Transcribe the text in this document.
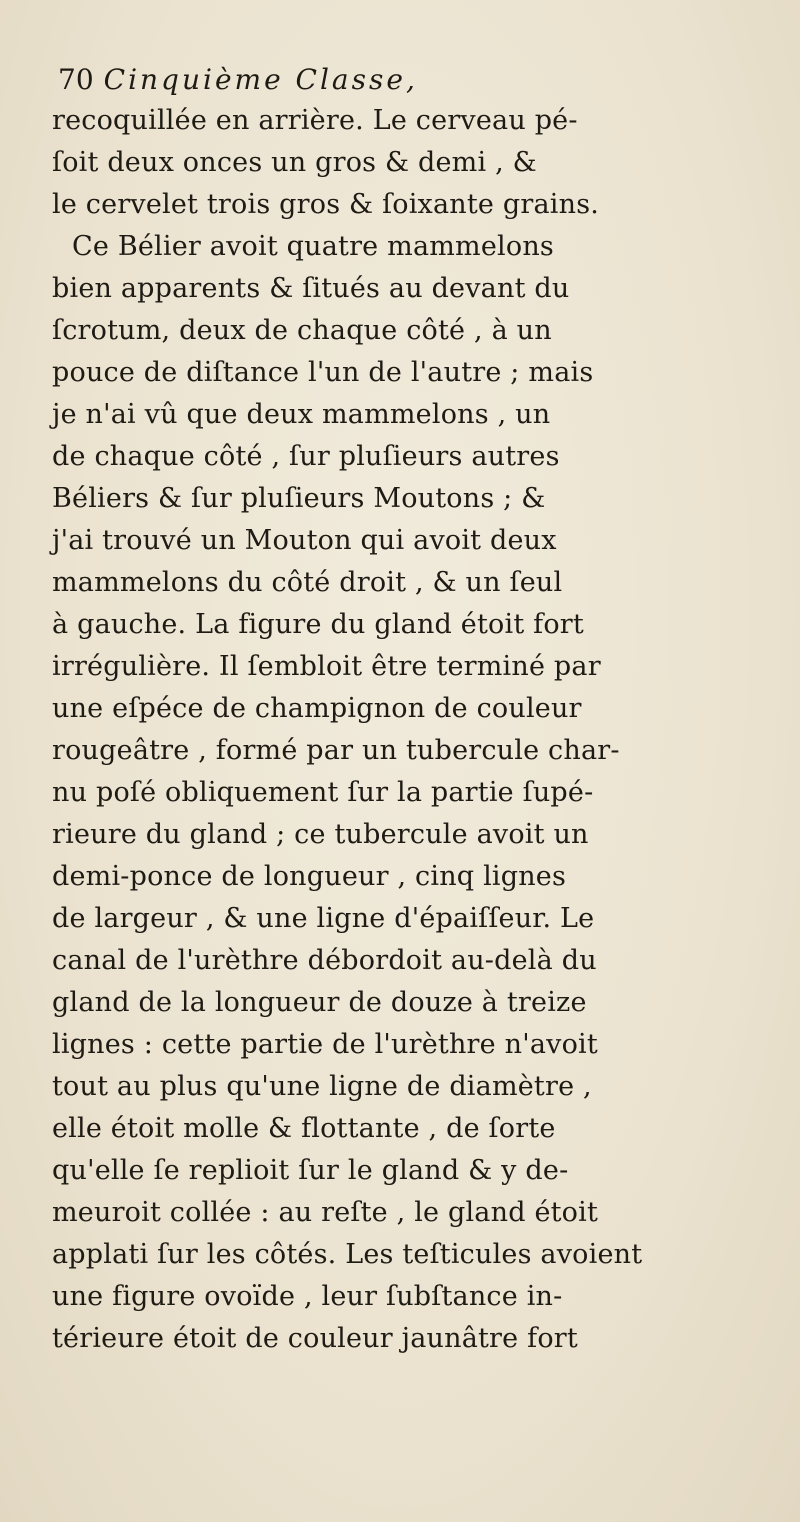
70 Cinquième Classe,
recoquillée en arrière. Le cerveau pé-
ſoit deux onces un gros & demi , &
le cervelet trois gros & ſoixante grains.
Ce Bélier avoit quatre mammelons
bien apparents & ſitués au devant du
ſcrotum, deux de chaque côté , à un
pouce de diſtance l'un de l'autre ; mais
je n'ai vû que deux mammelons , un
de chaque côté , ſur pluſieurs autres
Béliers & ſur pluſieurs Moutons ; &
j'ai trouvé un Mouton qui avoit deux
mammelons du côté droit , & un ſeul
à gauche. La figure du gland étoit fort
irrégulière. Il ſembloit être terminé par
une eſpéce de champignon de couleur
rougeâtre , formé par un tubercule char-
nu poſé obliquement ſur la partie ſupé-
rieure du gland ; ce tubercule avoit un
demi-ponce de longueur , cinq lignes
de largeur , & une ligne d'épaiſſeur. Le
canal de l'urèthre débordoit au-delà du
gland de la longueur de douze à treize
lignes : cette partie de l'urèthre n'avoit
tout au plus qu'une ligne de diamètre ,
elle étoit molle & flottante , de ſorte
qu'elle ſe replioit ſur le gland & y de-
meuroit collée : au reſte , le gland étoit
applati ſur les côtés. Les teſticules avoient
une figure ovoïde , leur ſubſtance in-
térieure étoit de couleur jaunâtre fort
